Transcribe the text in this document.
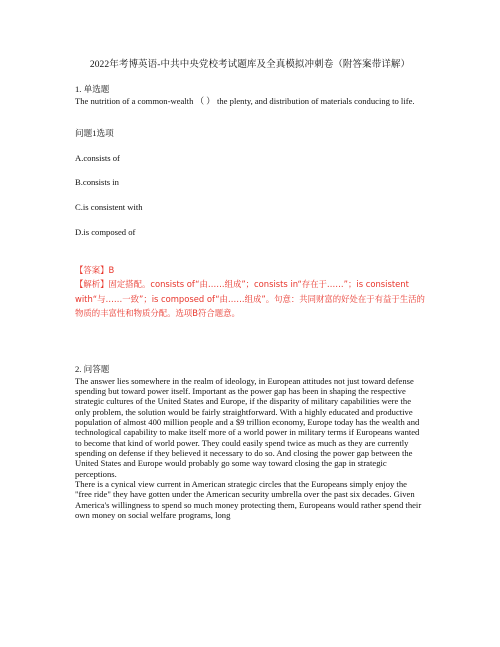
2022年考博英语-中共中央党校考试题库及全真模拟冲刺卷（附答案带详解）
1. 单选题

The nutrition of a common-wealth （ ） the plenty, and distribution of materials conducing to life.

问题1选项
A.consists of
B.consists in
C.is consistent with
D.is composed of

【答案】B

【解析】固定搭配。consists of“由……组成”；consists in“存在于……”；is consistent with“与……一致”；is composed of“由……组成”。句意：共同财富的好处在于有益于生活的物质的丰富性和物质分配。选项B符合题意。

2. 问答题

The answer lies somewhere in the realm of ideology, in European attitudes not just toward defense spending but toward power itself. Important as the power gap has been in shaping the respective strategic cultures of the United States and Europe, if the disparity of military capabilities were the only problem, the solution would be fairly straightforward. With a highly educated and productive population of almost 400 million people and a $9 trillion economy, Europe today has the wealth and technological capability to make itself more of a world power in military terms if Europeans wanted to become that kind of world power. They could easily spend twice as much as they are currently spending on defense if they believed it necessary to do so. And closing the power gap between the United States and Europe would probably go some way toward closing the gap in strategic perceptions.
There is a cynical view current in American strategic circles that the Europeans simply enjoy the "free ride" they have gotten under the American security umbrella over the past six decades. Given America's willingness to spend so much money protecting them, Europeans would rather spend their own money on social welfare programs, long
